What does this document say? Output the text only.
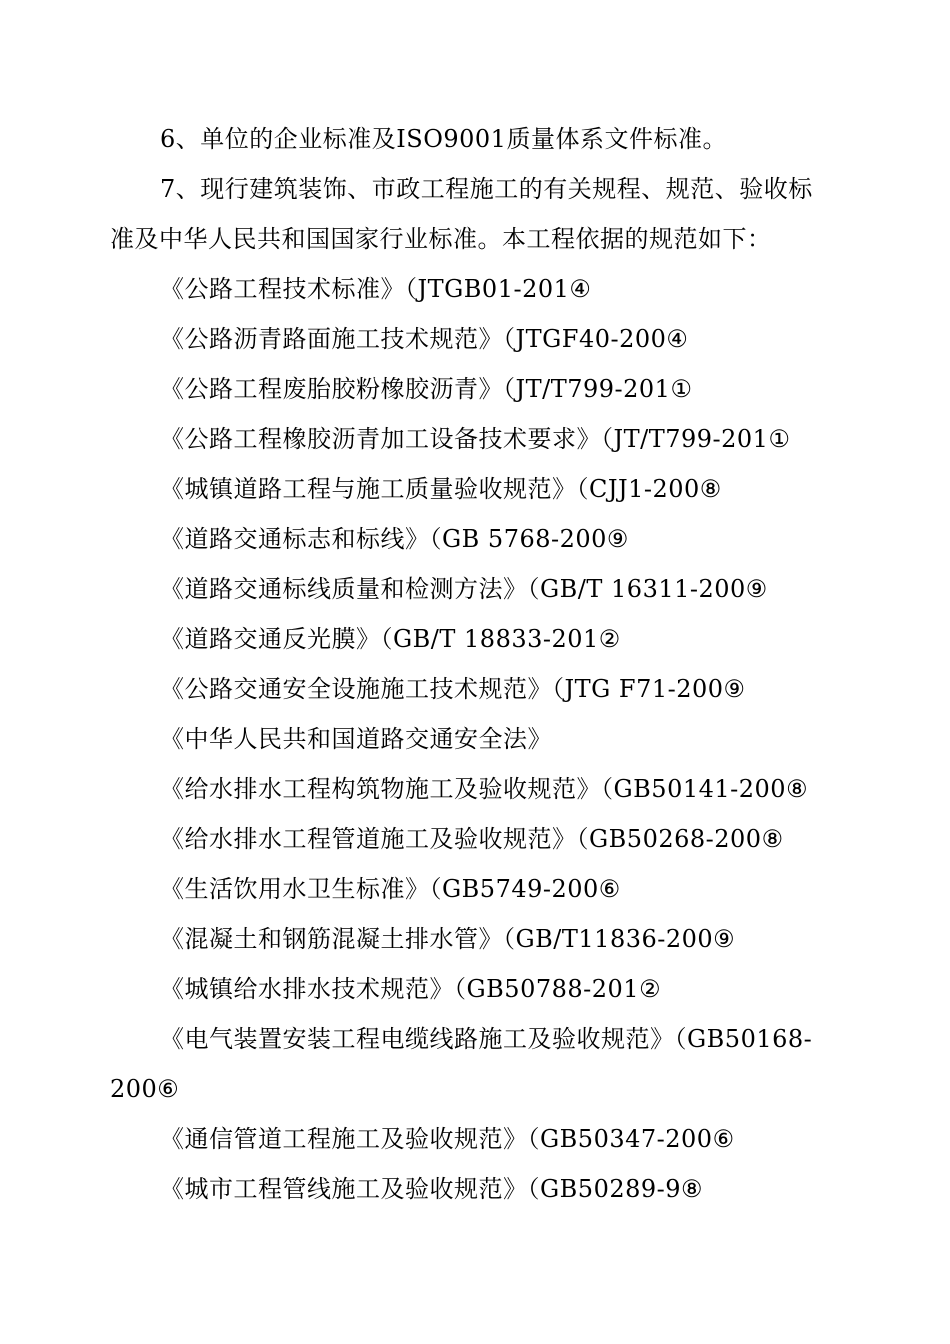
6、单位的企业标准及ISO9001质量体系文件标准。
7、现行建筑装饰、市政工程施工的有关规程、规范、验收标
准及中华人民共和国国家行业标准。本工程依据的规范如下：
《公路工程技术标准》（JTGB01-201④
《公路沥青路面施工技术规范》（JTGF40-200④
《公路工程废胎胶粉橡胶沥青》（JT/T799-201①
《公路工程橡胶沥青加工设备技术要求》（JT/T799-201①
《城镇道路工程与施工质量验收规范》（CJJ1-200⑧
《道路交通标志和标线》（GB 5768-200⑨
《道路交通标线质量和检测方法》（GB/T 16311-200⑨
《道路交通反光膜》（GB/T 18833-201②
《公路交通安全设施施工技术规范》（JTG F71-200⑨
《中华人民共和国道路交通安全法》
《给水排水工程构筑物施工及验收规范》（GB50141-200⑧
《给水排水工程管道施工及验收规范》（GB50268-200⑧
《生活饮用水卫生标准》（GB5749-200⑥
《混凝土和钢筋混凝土排水管》（GB/T11836-200⑨
《城镇给水排水技术规范》（GB50788-201②
《电气装置安装工程电缆线路施工及验收规范》（GB50168-
200⑥
《通信管道工程施工及验收规范》（GB50347-200⑥
《城市工程管线施工及验收规范》（GB50289-9⑧
